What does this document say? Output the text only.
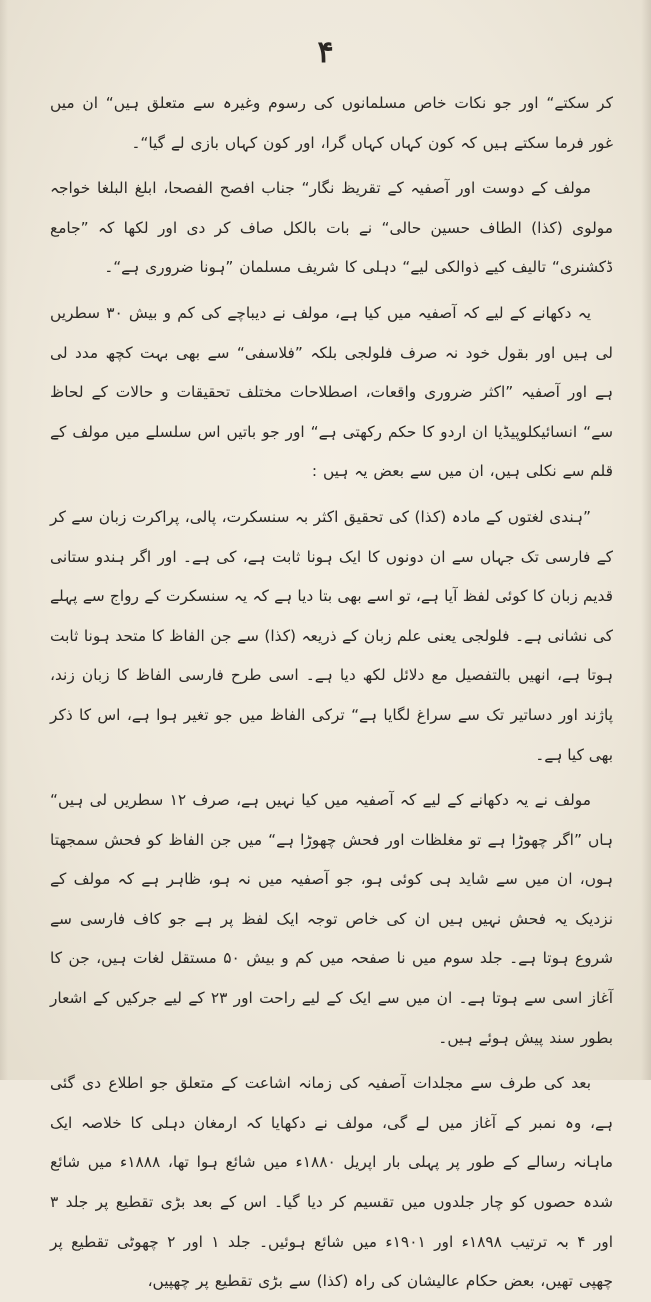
۴

کر سکتے“ اور جو نکات خاص مسلمانوں کی رسوم وغیرہ سے متعلق ہیں“ ان میں غور فرما سکتے ہیں کہ کون کہاں کہاں گرا، اور کون کہاں بازی لے گیا“۔

مولف کے دوست اور آصفیہ کے تقریظ نگار“ جناب افصح الفصحا، ابلغ البلغا خواجہ مولوی (کذا) الطاف حسین حالی“ نے بات بالکل صاف کر دی اور لکھا کہ ”جامع ڈکشنری“ تالیف کیے ذوالکی لیے“ دہلی کا شریف مسلمان ”ہونا ضروری ہے“۔

یہ دکھانے کے لیے کہ آصفیہ میں کیا ہے، مولف نے دیباچے کی کم و بیش ۳۰ سطریں لی ہیں اور بقول خود نہ صرف فلولجی بلکہ ”فلاسفی“ سے بھی بہت کچھ مدد لی ہے اور آصفیہ ”اکثر ضروری واقعات، اصطلاحات مختلف تحقیقات و حالات کے لحاظ سے“ انسائیکلوپیڈیا ان اردو کا حکم رکھتی ہے“ اور جو باتیں اس سلسلے میں مولف کے قلم سے نکلی ہیں، ان میں سے بعض یہ ہیں :

”ہندی لغتوں کے مادہ (کذا) کی تحقیق اکثر بہ سنسکرت، پالی، پراکرت زبان سے کر کے فارسی تک جہاں سے ان دونوں کا ایک ہونا ثابت ہے، کی ہے۔ اور اگر ہندو ستانی قدیم زبان کا کوئی لفظ آیا ہے، تو اسے بھی بتا دیا ہے کہ یہ سنسکرت کے رواج سے پہلے کی نشانی ہے۔ فلولجی یعنی علم زبان کے ذریعہ (کذا) سے جن الفاظ کا متحد ہونا ثابت ہوتا ہے، انھیں بالتفصیل مع دلائل لکھ دیا ہے۔ اسی طرح فارسی الفاظ کا زبان زند، پاژند اور دساتیر تک سے سراغ لگایا ہے“ ترکی الفاظ میں جو تغیر ہوا ہے، اس کا ذکر بھی کیا ہے۔

مولف نے یہ دکھانے کے لیے کہ آصفیہ میں کیا نہیں ہے، صرف ۱۲ سطریں لی ہیں“ ہاں ”اگر چھوڑا ہے تو مغلظات اور فحش چھوڑا ہے“ میں جن الفاظ کو فحش سمجھتا ہوں، ان میں سے شاید ہی کوئی ہو، جو آصفیہ میں نہ ہو، ظاہر ہے کہ مولف کے نزدیک یہ فحش نہیں ہیں ان کی خاص توجہ ایک لفظ پر ہے جو کاف فارسی سے شروع ہوتا ہے۔ جلد سوم میں نا صفحہ میں کم و بیش ۵۰ مستقل لغات ہیں، جن کا آغاز اسی سے ہوتا ہے۔ ان میں سے ایک کے لیے راحت اور ۲۳ کے لیے جرکیں کے اشعار بطور سند پیش ہوئے ہیں۔

بعد کی طرف سے مجلدات آصفیہ کی زمانہ اشاعت کے متعلق جو اطلاع دی گئی ہے، وہ نمبر کے آغاز میں لے گی، مولف نے دکھایا کہ ارمغان دہلی کا خلاصہ ایک ماہانہ رسالے کے طور پر پہلی بار اپریل ۱۸۸۰ء میں شائع ہوا تھا، ۱۸۸۸ء میں شائع شدہ حصوں کو چار جلدوں میں تقسیم کر دیا گیا۔ اس کے بعد بڑی تقطیع پر جلد ۳ اور ۴ بہ ترتیب ۱۸۹۸ء اور ۱۹۰۱ء میں شائع ہوئیں۔ جلد ۱ اور ۲ چھوٹی تقطیع پر چھپی تھیں، بعض حکام عالیشان کی راہ (کذا) سے بڑی تقطیع پر چھپیں،
